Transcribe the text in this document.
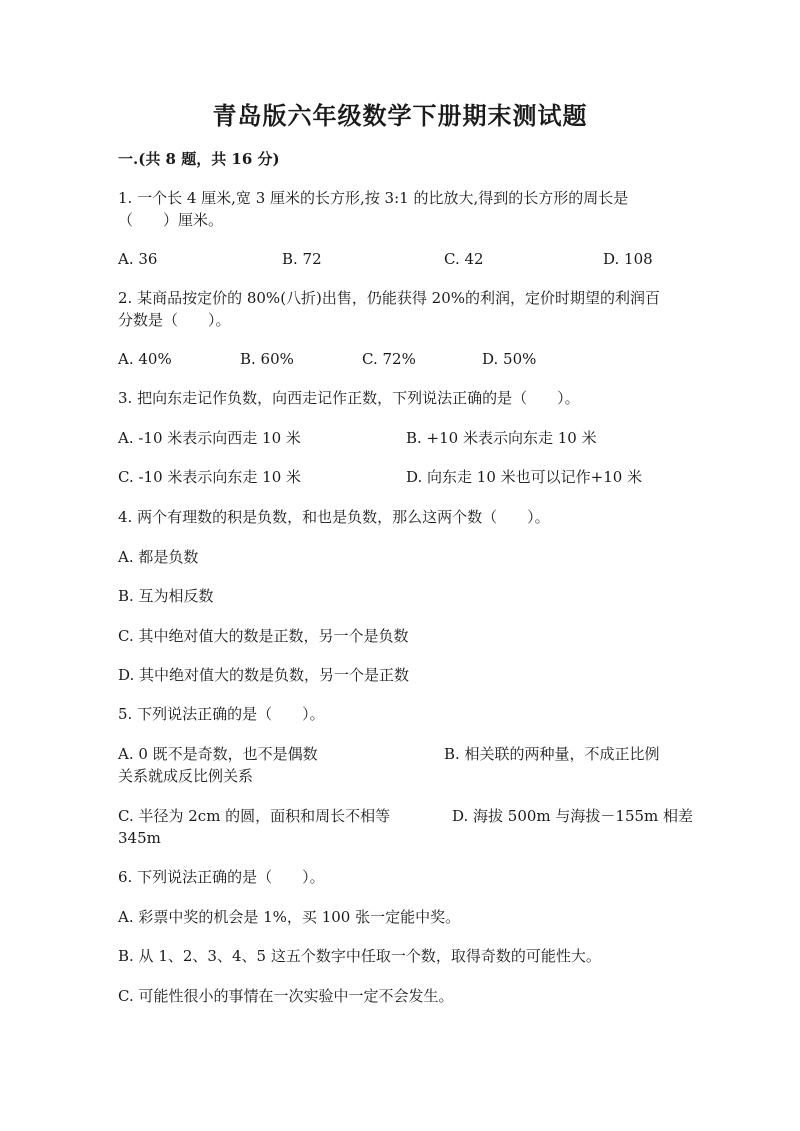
青岛版六年级数学下册期末测试题
一.(共 8 题，共 16 分)
1. 一个长 4 厘米,宽 3 厘米的长方形,按 3:1 的比放大,得到的长方形的周长是
（　　）厘米。
A. 36	B. 72	C. 42	D. 108
2. 某商品按定价的 80%(八折)出售，仍能获得 20%的利润，定价时期望的利润百
分数是（　　）。
A. 40%	B. 60%	C. 72%	D. 50%
3. 把向东走记作负数，向西走记作正数，下列说法正确的是（　　）。
A. -10 米表示向西走 10 米	B. +10 米表示向东走 10 米
C. -10 米表示向东走 10 米	D. 向东走 10 米也可以记作+10 米
4. 两个有理数的积是负数，和也是负数，那么这两个数（　　）。
A. 都是负数
B. 互为相反数
C. 其中绝对值大的数是正数，另一个是负数
D. 其中绝对值大的数是负数，另一个是正数
5. 下列说法正确的是（　　）。
A. 0 既不是奇数，也不是偶数	B. 相关联的两种量，不成正比例
关系就成反比例关系
C. 半径为 2cm 的圆，面积和周长不相等	D. 海拔 500m 与海拔－155m 相差
345m
6. 下列说法正确的是（　　）。
A. 彩票中奖的机会是 1%，买 100 张一定能中奖。
B. 从 1、2、3、4、5 这五个数字中任取一个数，取得奇数的可能性大。
C. 可能性很小的事情在一次实验中一定不会发生。
